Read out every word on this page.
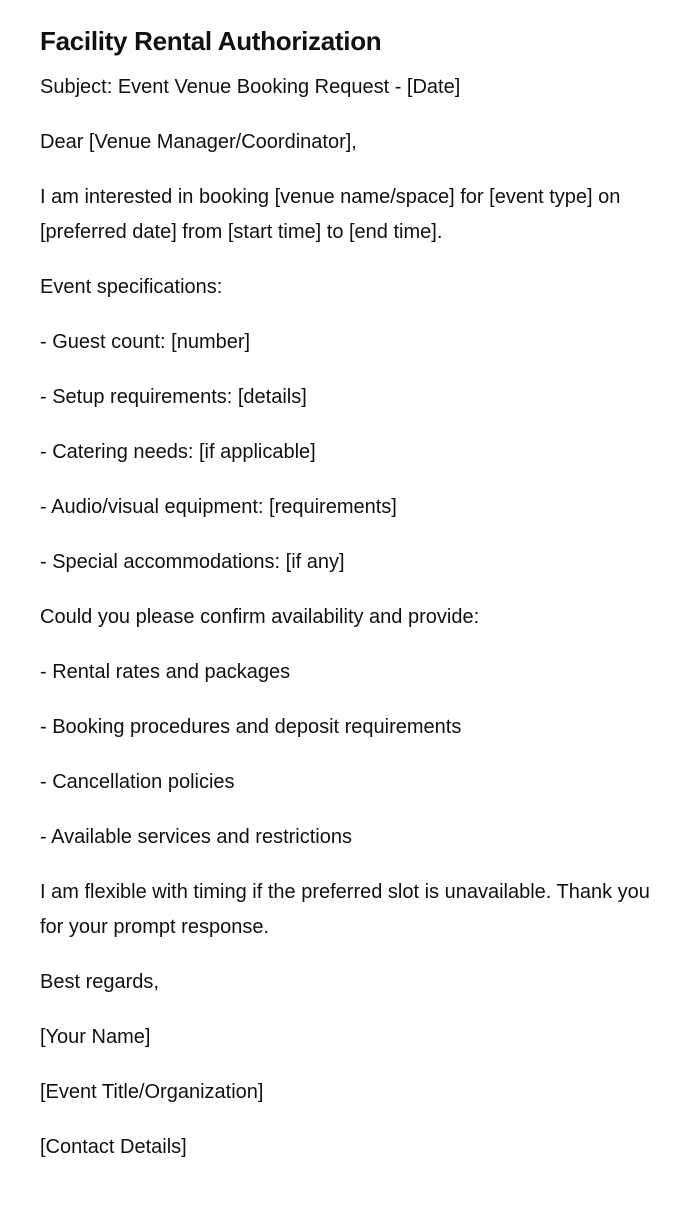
Facility Rental Authorization

Subject: Event Venue Booking Request - [Date]

Dear [Venue Manager/Coordinator],

I am interested in booking [venue name/space] for [event type] on [preferred date] from [start time] to [end time].

Event specifications:

- Guest count: [number]

- Setup requirements: [details]

- Catering needs: [if applicable]

- Audio/visual equipment: [requirements]

- Special accommodations: [if any]

Could you please confirm availability and provide:

- Rental rates and packages

- Booking procedures and deposit requirements

- Cancellation policies

- Available services and restrictions

I am flexible with timing if the preferred slot is unavailable. Thank you for your prompt response.

Best regards,

[Your Name]

[Event Title/Organization]

[Contact Details]
